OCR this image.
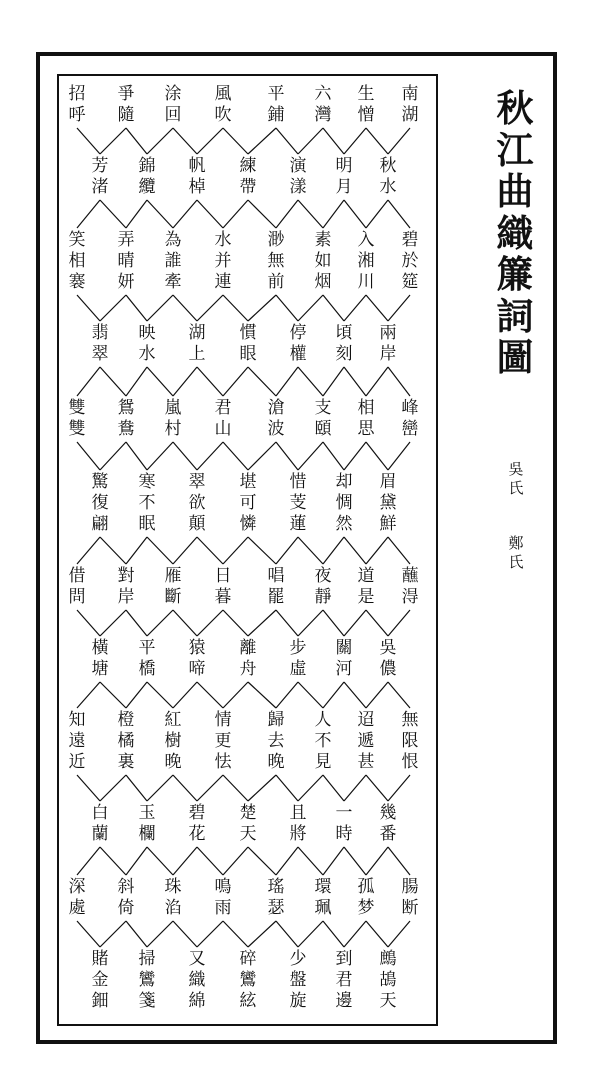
南
湖
生
憎
六
灣
平
鋪
風
吹
涂
回
爭
隨
招
呼
秋
水
明
月
演
漾
練
帶
帆
棹
錦
纜
芳
渚
碧
於
筵
入
湘
川
素
如
烟
渺
無
前
水
并
連
為
誰
牽
弄
晴
妍
笑
相
褰
兩
岸
頃
刻
停
權
慣
眼
湖
上
映
水
翡
翠
峰
巒
相
思
支
頤
滄
波
君
山
嵐
村
鴛
鴦
雙
雙
眉
黛
鮮
却
惆
然
惜
芰
蓮
堪
可
憐
翠
欲
顛
寒
不
眠
驚
復
翩
蘸
淂
道
是
夜
靜
唱
罷
日
暮
雁
斷
對
岸
借
問
吳
儂
關
河
步
虛
離
舟
猿
啼
平
橋
橫
塘
無
限
恨
迢
遞
甚
人
不
見
歸
去
晚
情
更
怯
紅
樹
晚
橙
橘
裏
知
遠
近
幾
番
一
時
且
將
楚
天
碧
花
玉
欄
白
蘭
腸
断
孤
梦
環
珮
瑤
瑟
鳴
雨
珠
淊
斜
倚
深
處
鷓
鴣
天
到
君
邊
少
盤
旋
碎
鸞
絃
又
織
綿
掃
鸞
箋
賭
金
鈿
秋
江
曲
織
簾
詞
圖
吳
氏
鄭
氏
